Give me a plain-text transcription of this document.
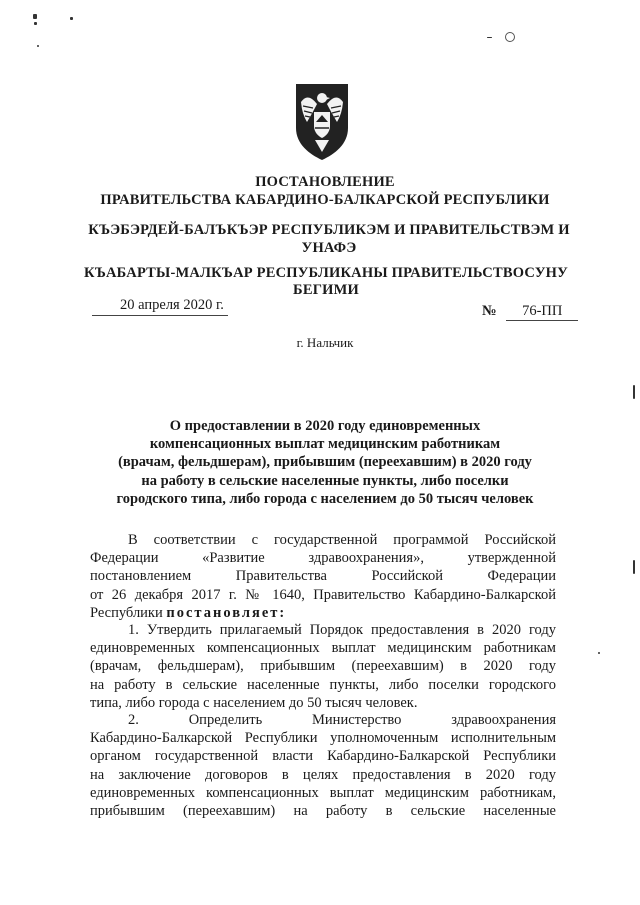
ПОСТАНОВЛЕНИЕ
ПРАВИТЕЛЬСТВА КАБАРДИНО-БАЛКАРСКОЙ РЕСПУБЛИКИ
КЪЭБЭРДЕЙ-БАЛЪКЪЭР РЕСПУБЛИКЭМ И ПРАВИТЕЛЬСТВЭМ И
УНАФЭ
КЪАБАРТЫ-МАЛКЪАР РЕСПУБЛИКАНЫ ПРАВИТЕЛЬСТВОСУНУ
БЕГИМИ
20 апреля 2020 г.	№ 76-ПП
г. Нальчик
О предоставлении в 2020 году единовременных
компенсационных выплат медицинским работникам
(врачам, фельдшерам), прибывшим (переехавшим) в 2020 году
на работу в сельские населенные пункты, либо поселки
городского типа, либо города с населением до 50 тысяч человек
В соответствии с государственной программой Российской
Федерации «Развитие здравоохранения», утвержденной
постановлением Правительства Российской Федерации
от 26 декабря 2017 г. № 1640, Правительство Кабардино-Балкарской
Республики постановляет:
1. Утвердить прилагаемый Порядок предоставления в 2020 году
единовременных компенсационных выплат медицинским работникам
(врачам, фельдшерам), прибывшим (переехавшим) в 2020 году
на работу в сельские населенные пункты, либо поселки городского
типа, либо города с населением до 50 тысяч человек.
2. Определить Министерство здравоохранения
Кабардино-Балкарской Республики уполномоченным исполнительным
органом государственной власти Кабардино-Балкарской Республики
на заключение договоров в целях предоставления в 2020 году
единовременных компенсационных выплат медицинским работникам,
прибывшим (переехавшим) на работу в сельские населенные
